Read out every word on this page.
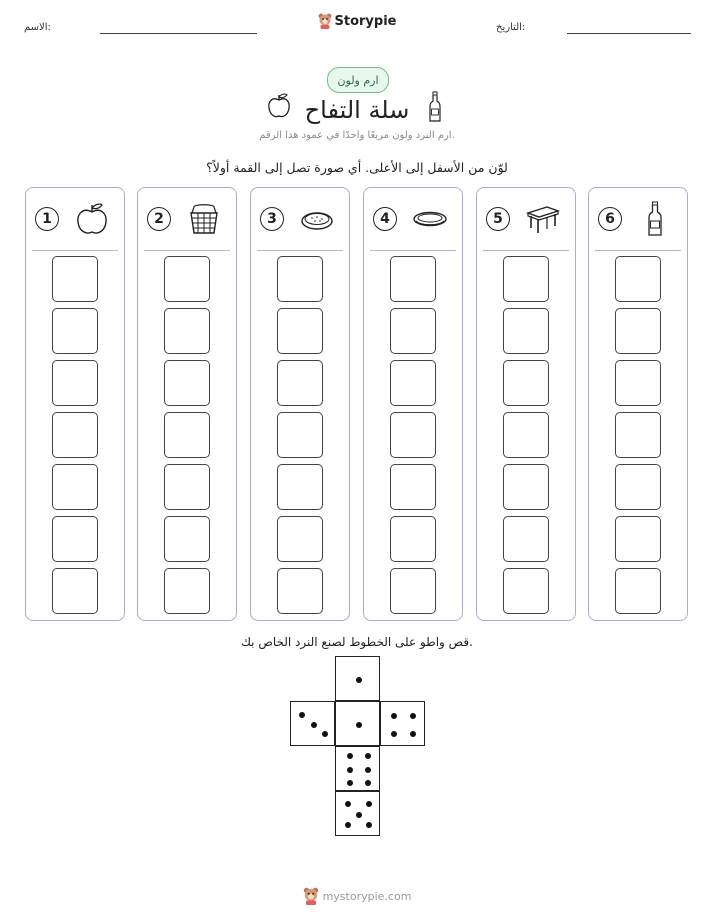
الاسم:	Storypie	التاريخ:
ارم ولون
سلة التفاح
ارم النرد ولون مربعًا واحدًا في عمود هذا الرقم.
لوّن من الأسفل إلى الأعلى. أي صورة تصل إلى القمة أولاً؟
1	2	3	4	5	6
قص واطو على الخطوط لصنع النرد الخاص بك.
mystorypie.com
